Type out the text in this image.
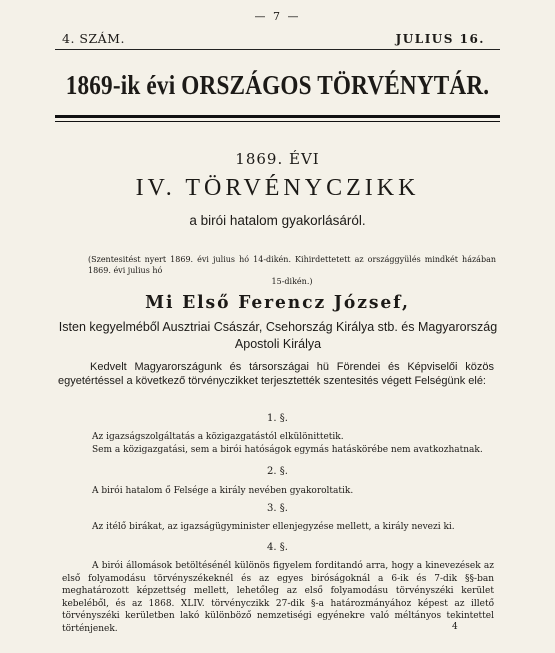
— 7 —
4. SZÁM.	JULIUS 16.
1869-ik évi ORSZÁGOS TÖRVÉNYTÁR.
1869. ÉVI
IV. TÖRVÉNYCZIKK
a birói hatalom gyakorlásáról.
(Szentesitést nyert 1869. évi julius hó 14-dikén. Kihirdettetett az országgyülés mindkét házában 1869. évi julius hó
15-dikén.)
Mi Első Ferencz József,
Isten kegyelméből Ausztriai Császár, Csehország Királya stb. és Magyarország
Apostoli Királya
Kedvelt Magyarországunk és társországai hü Förendei és Képviselői közös egyetértéssel a következő törvényczikket terjesztették szentesités végett Felségünk elé:
1. §.
Az igazságszolgáltatás a közigazgatástól elkülönittetik.
Sem a közigazgatási, sem a birói hatóságok egymás hatáskörébe nem avatkozhatnak.
2. §.
A birói hatalom ő Felsége a király nevében gyakoroltatik.
3. §.
Az itélő birákat, az igazságügyminister ellenjegyzése mellett, a király nevezi ki.
4. §.
A birói állomások betöltésénél különös figyelem forditandó arra, hogy a kinevezések az első folyamodásu törvényszékeknél és az egyes biróságoknál a 6-ik és 7-dik §§-ban meghatározott képzettség mellett, lehetőleg az első folyamodásu törvényszéki kerület kebeléből, és az 1868. XLIV. törvényczikk 27-dik §-a határozmányához képest az illető törvényszéki kerületben lakó különböző nemzetiségi egyénekre való méltányos tekintettel történjenek.	4
